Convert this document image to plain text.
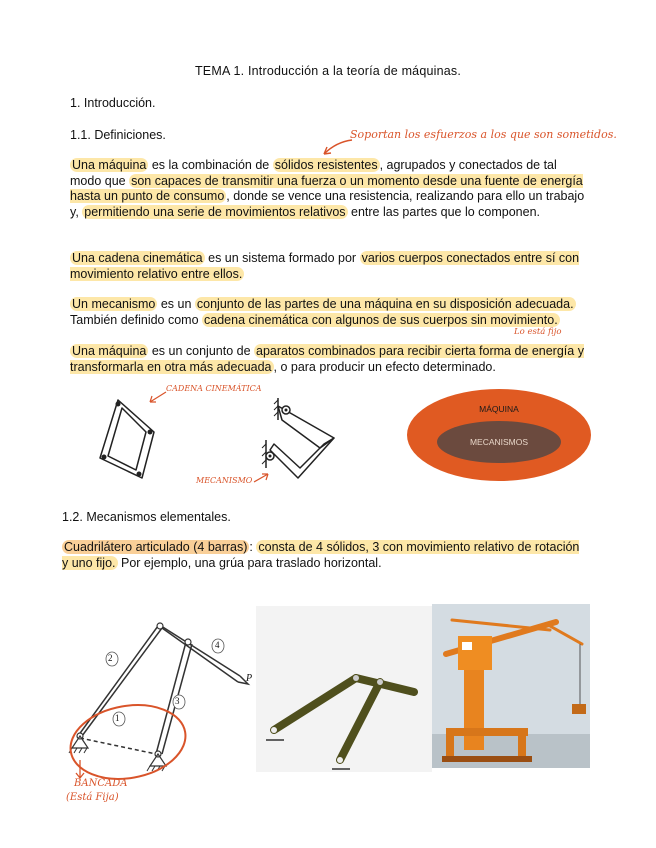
TEMA 1. Introducción a la teoría de máquinas.
1. Introducción.
1.1. Definiciones.	Soportan los esfuerzos a los que son sometidos.
Una máquina es la combinación de sólidos resistentes , agrupados y conectados de tal modo que son capaces de transmitir una fuerza o un momento desde una fuente de energía hasta un punto de consumo , donde se vence una resistencia, realizando para ello un trabajo y, permitiendo una serie de movimientos relativos entre las partes que lo componen.
Una cadena cinemática es un sistema formado por varios cuerpos conectados entre sí con movimiento relativo entre ellos.
Un mecanismo es un conjunto de las partes de una máquina en su disposición adecuada. También definido como cadena cinemática con algunos de sus cuerpos sin movimiento.
Lo está fijo
Una máquina es un conjunto de aparatos combinados para recibir cierta forma de energía y transformarla en otra más adecuada , o para producir un efecto determinado.
CADENA CINEMÁTICA
MECANISMO
MÁQUINA
MECANISMOS
1.2. Mecanismos elementales.
Cuadrilátero articulado (4 barras) : consta de 4 sólidos, 3 con movimiento relativo de rotación y uno fijo. Por ejemplo, una grúa para traslado horizontal.
2
1
3
4
P
BANCADA
(Está Fija)
